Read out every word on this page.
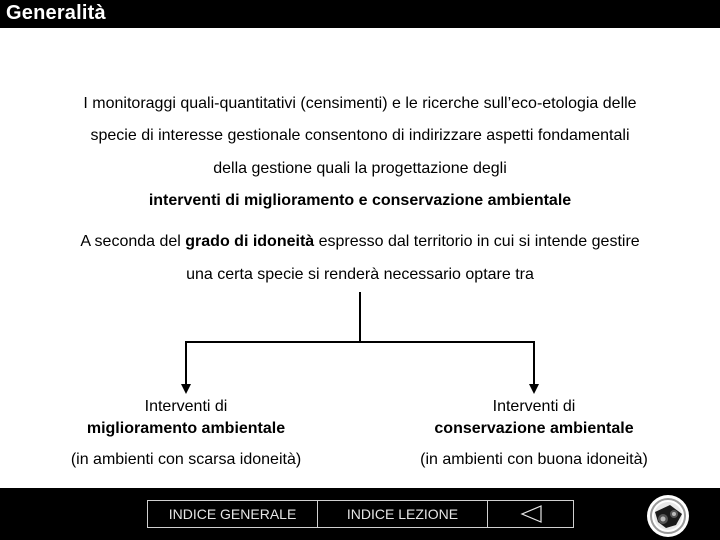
Generalità
I monitoraggi quali-quantitativi (censimenti) e le ricerche sull’eco-etologia delle
specie di interesse gestionale consentono di indirizzare aspetti fondamentali
della gestione quali la progettazione degli
interventi di miglioramento e conservazione ambientale
A seconda del grado di idoneità espresso dal territorio in cui si intende gestire
una certa specie si renderà necessario optare tra
Interventi di
miglioramento ambientale
(in ambienti con scarsa idoneità)
Interventi di
conservazione ambientale
(in ambienti con buona idoneità)
INDICE GENERALE	INDICE LEZIONE
